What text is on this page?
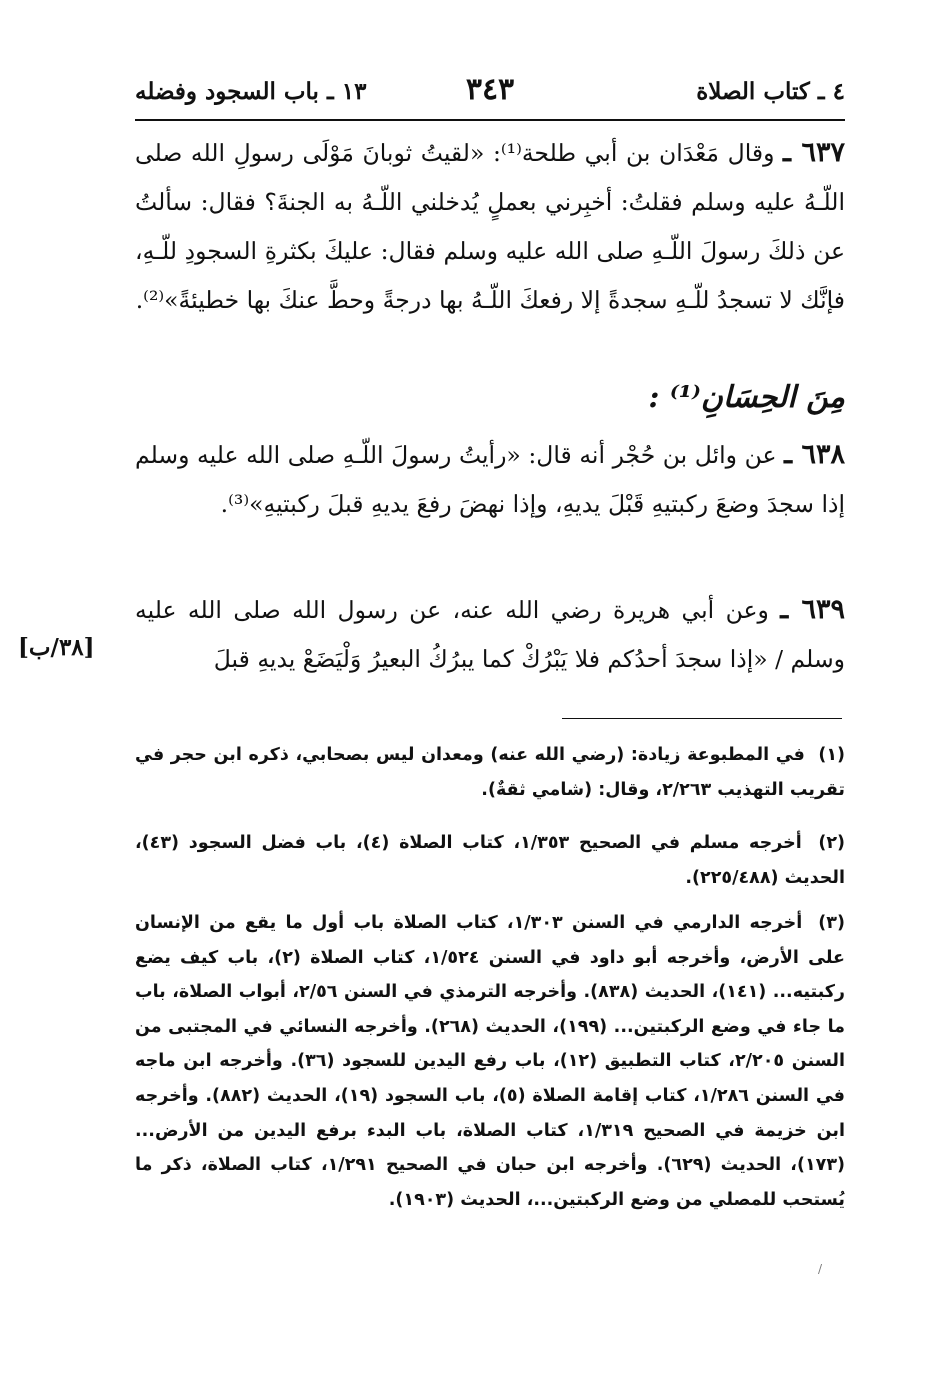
٤ ـ كتاب الصلاة
٣٤٣
١٣ ـ باب السجود وفضله
٦٣٧ ـ وقال مَعْدَان بن أبي طلحة⁽¹⁾: «لقيتُ ثوبانَ مَوْلَى رسولِ الله صلى اللّـهُ عليه وسلم فقلتُ: أخبِرني بعملٍ يُدخلني اللّـهُ به الجنةَ؟ فقال: سألتُ عن ذلكَ رسولَ اللّـهِ صلى الله عليه وسلم فقال: عليكَ بكثرةِ السجودِ للّـهِ، فإنَّك لا تسجدُ للّـهِ سجدةً إلا رفعكَ اللّـهُ بها درجةً وحطَّ عنكَ بها خطيئةً»⁽²⁾.
مِنَ الحِسَانِ⁽¹⁾ :
٦٣٨ ـ عن وائل بن حُجْر أنه قال: «رأيتُ رسولَ اللّـهِ صلى الله عليه وسلم إذا سجدَ وضعَ ركبتيهِ قَبْلَ يديهِ، وإذا نهضَ رفعَ يديهِ قبلَ ركبتيهِ»⁽³⁾.
٦٣٩ ـ وعن أبي هريرة رضي الله عنه، عن رسول الله صلى الله عليه وسلم / «إذا سجدَ أحدُكم فلا يَبْرُكْ كما يبرُكُ البعيرُ وَلْيَضَعْ يديهِ قبلَ
[٣٨/ب]
(١) في المطبوعة زيادة: (رضي الله عنه) ومعدان ليس بصحابي، ذكره ابن حجر في تقريب التهذيب ٢/٢٦٣، وقال: (شامي ثقةٌ).
(٢) أخرجه مسلم في الصحيح ١/٣٥٣، كتاب الصلاة (٤)، باب فضل السجود (٤٣)، الحديث (٢٢٥/٤٨٨).
(٣) أخرجه الدارمي في السنن ١/٣٠٣، كتاب الصلاة باب أول ما يقع من الإنسان على الأرض، وأخرجه أبو داود في السنن ١/٥٢٤، كتاب الصلاة (٢)، باب كيف يضع ركبتيه... (١٤١)، الحديث (٨٣٨). وأخرجه الترمذي في السنن ٢/٥٦، أبواب الصلاة، باب ما جاء في وضع الركبتين... (١٩٩)، الحديث (٢٦٨). وأخرجه النسائي في المجتبى من السنن ٢/٢٠٥، كتاب التطبيق (١٢)، باب رفع اليدين للسجود (٣٦). وأخرجه ابن ماجه في السنن ١/٢٨٦، كتاب إقامة الصلاة (٥)، باب السجود (١٩)، الحديث (٨٨٢). وأخرجه ابن خزيمة في الصحيح ١/٣١٩، كتاب الصلاة، باب البدء برفع اليدين من الأرض... (١٧٣)، الحديث (٦٢٩). وأخرجه ابن حبان في الصحيح ١/٢٩١، كتاب الصلاة، ذكر ما يُستحب للمصلي من وضع الركبتين...، الحديث (١٩٠٣).
/
